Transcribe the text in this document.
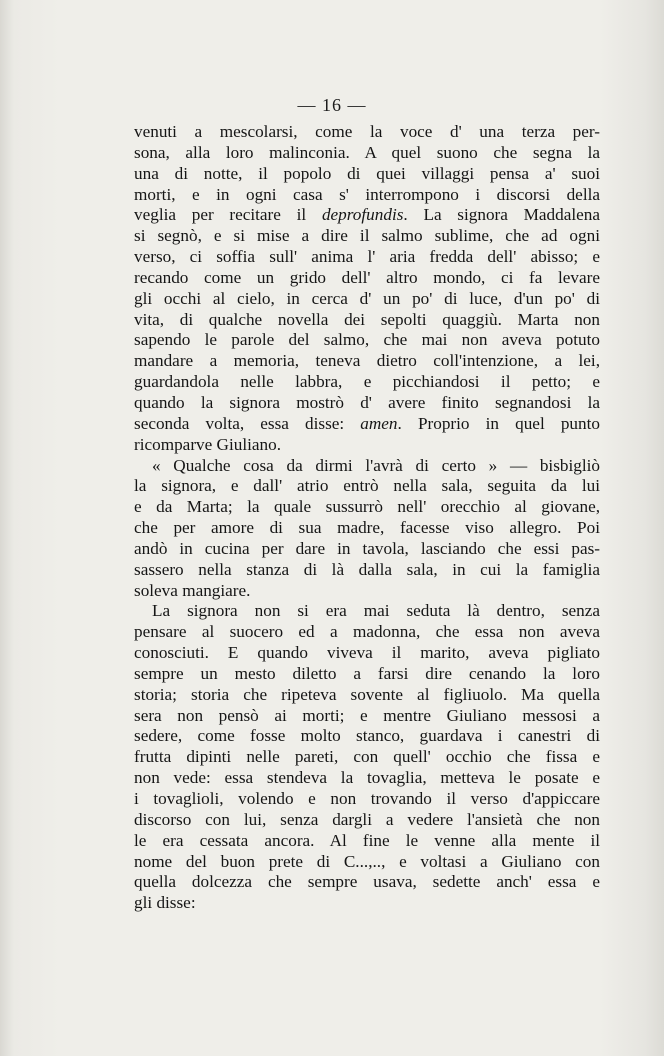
— 16 —
venuti a mescolarsi, come la voce d' una terza per-
sona, alla loro malinconia. A quel suono che segna la
una di notte, il popolo di quei villaggi pensa a' suoi
morti, e in ogni casa s' interrompono i discorsi della
veglia per recitare il deprofundis. La signora Maddalena
si segnò, e si mise a dire il salmo sublime, che ad ogni
verso, ci soffia sull' anima l' aria fredda dell' abisso; e
recando come un grido dell' altro mondo, ci fa levare
gli occhi al cielo, in cerca d' un po' di luce, d'un po' di
vita, di qualche novella dei sepolti quaggiù. Marta non
sapendo le parole del salmo, che mai non aveva potuto
mandare a memoria, teneva dietro coll'intenzione, a lei,
guardandola nelle labbra, e picchiandosi il petto; e
quando la signora mostrò d' avere finito segnandosi la
seconda volta, essa disse: amen. Proprio in quel punto
ricomparve Giuliano.
« Qualche cosa da dirmi l'avrà di certo » — bisbigliò
la signora, e dall' atrio entrò nella sala, seguita da lui
e da Marta; la quale sussurrò nell' orecchio al giovane,
che per amore di sua madre, facesse viso allegro. Poi
andò in cucina per dare in tavola, lasciando che essi pas-
sassero nella stanza di là dalla sala, in cui la famiglia
soleva mangiare.
La signora non si era mai seduta là dentro, senza
pensare al suocero ed a madonna, che essa non aveva
conosciuti. E quando viveva il marito, aveva pigliato
sempre un mesto diletto a farsi dire cenando la loro
storia; storia che ripeteva sovente al figliuolo. Ma quella
sera non pensò ai morti; e mentre Giuliano messosi a
sedere, come fosse molto stanco, guardava i canestri di
frutta dipinti nelle pareti, con quell' occhio che fissa e
non vede: essa stendeva la tovaglia, metteva le posate e
i tovaglioli, volendo e non trovando il verso d'appiccare
discorso con lui, senza dargli a vedere l'ansietà che non
le era cessata ancora. Al fine le venne alla mente il
nome del buon prete di C...,.., e voltasi a Giuliano con
quella dolcezza che sempre usava, sedette anch' essa e
gli disse:
